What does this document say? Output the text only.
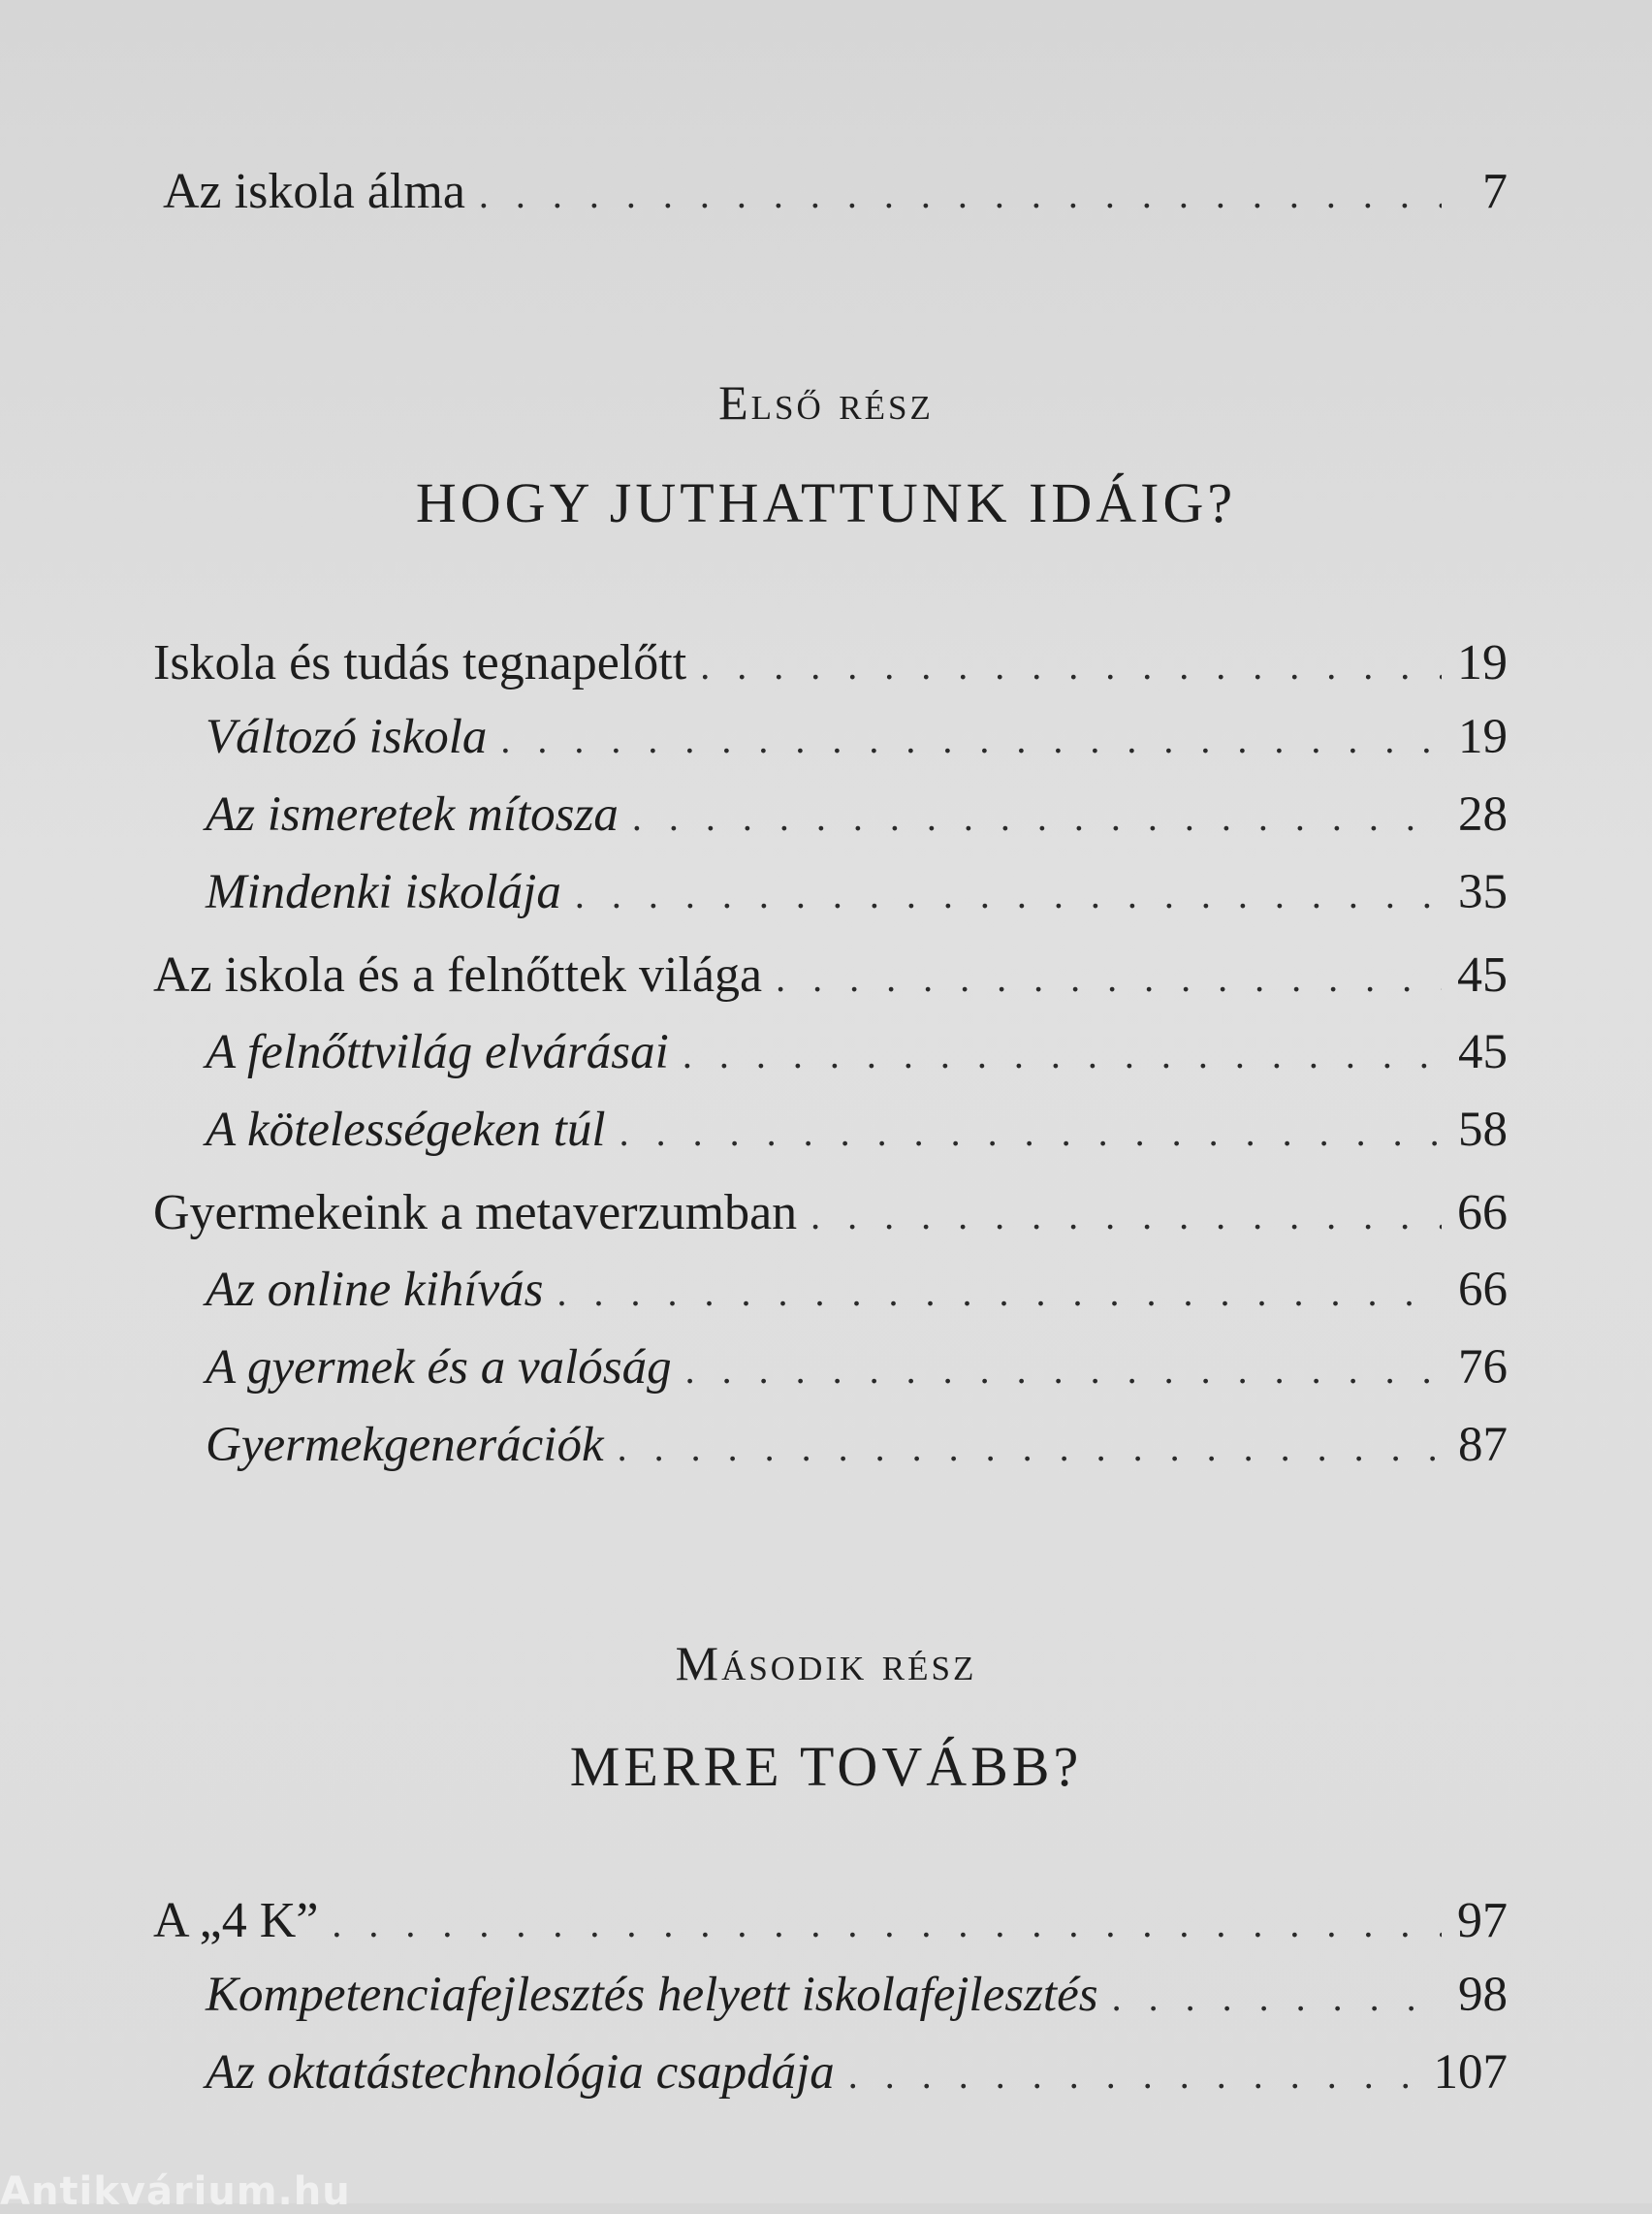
Az iskola álma . . .	7
Első rész
HOGY JUTHATTUNK IDÁIG?
Iskola és tudás tegnapelőtt . . .	19
Változó iskola . . .	19
Az ismeretek mítosza . . .	28
Mindenki iskolája . . .	35
Az iskola és a felnőttek világa . . .	45
A felnőttvilág elvárásai . . .	45
A kötelességeken túl . . .	58
Gyermekeink a metaverzumban . . .	66
Az online kihívás . . .	66
A gyermek és a valóság . . .	76
Gyermekgenerációk . . .	87
Második rész
MERRE TOVÁBB?
A „4 K” . . .	97
Kompetenciafejlesztés helyett iskolafejlesztés . . .	98
Az oktatástechnológia csapdája . . .	107
Antikvárium.hu
